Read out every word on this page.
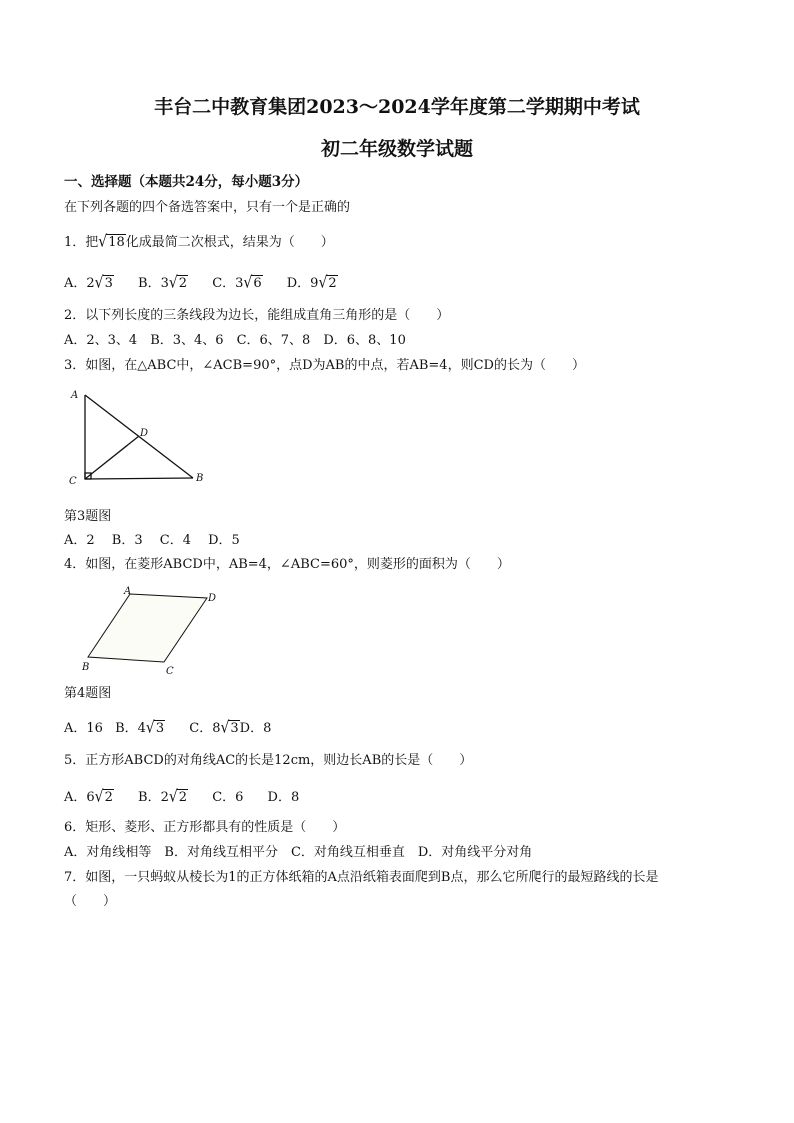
丰台二中教育集团2023～2024学年度第二学期期中考试
初二年级数学试题
一、选择题（本题共24分，每小题3分）
在下列各题的四个备选答案中，只有一个是正确的
1．把√18化成最简二次根式，结果为（　　）
A．2√3 B．3√2 C．3√6 D．9√2
2．以下列长度的三条线段为边长，能组成直角三角形的是（　　）
A．2、3、4　B．3、4、6　C．6、7、8　D．6、8、10
3．如图，在△ABC中，∠ACB=90°，点D为AB的中点，若AB=4，则CD的长为（　　）
A
D
C	B
第3题图
A．2　 B．3　 C．4　 D．5
4．如图，在菱形ABCD中，AB=4，∠ABC=60°，则菱形的面积为（　　）
A
D
C
B
第4题图
A．16 B．4√3 C．8√3D．8
5．正方形ABCD的对角线AC的长是12cm，则边长AB的长是（　　）
A．6√2 B．2√2 C．6 D．8
6．矩形、菱形、正方形都具有的性质是（　　）
A．对角线相等　B．对角线互相平分　C．对角线互相垂直　D．对角线平分对角
7．如图，一只蚂蚁从棱长为1的正方体纸箱的A点沿纸箱表面爬到B点，那么它所爬行的最短路线的长是
（　　）
